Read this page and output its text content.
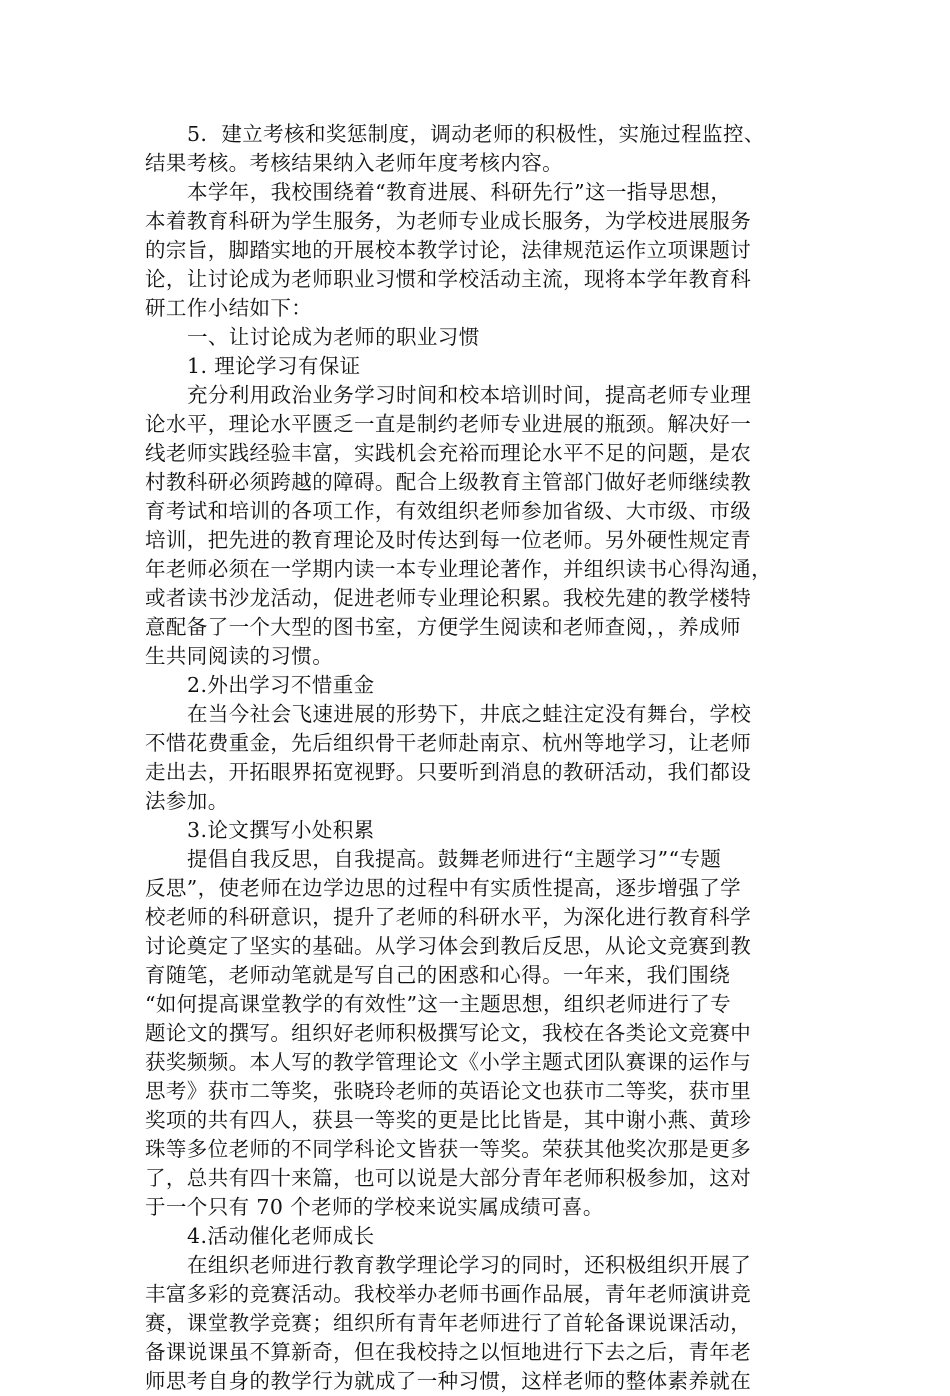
5．建立考核和奖惩制度，调动老师的积极性，实施过程监控、
结果考核。考核结果纳入老师年度考核内容。
本学年，我校围绕着“教育进展、科研先行”这一指导思想，
本着教育科研为学生服务，为老师专业成长服务，为学校进展服务
的宗旨，脚踏实地的开展校本教学讨论，法律规范运作立项课题讨
论，让讨论成为老师职业习惯和学校活动主流，现将本学年教育科
研工作小结如下：
一、让讨论成为老师的职业习惯
1. 理论学习有保证
充分利用政治业务学习时间和校本培训时间，提高老师专业理
论水平，理论水平匮乏一直是制约老师专业进展的瓶颈。解决好一
线老师实践经验丰富，实践机会充裕而理论水平不足的问题，是农
村教科研必须跨越的障碍。配合上级教育主管部门做好老师继续教
育考试和培训的各项工作，有效组织老师参加省级、大市级、市级
培训，把先进的教育理论及时传达到每一位老师。另外硬性规定青
年老师必须在一学期内读一本专业理论著作，并组织读书心得沟通，
或者读书沙龙活动，促进老师专业理论积累。我校先建的教学楼特
意配备了一个大型的图书室，方便学生阅读和老师查阅，，养成师
生共同阅读的习惯。
2.外出学习不惜重金
在当今社会飞速进展的形势下，井底之蛙注定没有舞台，学校
不惜花费重金，先后组织骨干老师赴南京、杭州等地学习，让老师
走出去，开拓眼界拓宽视野。只要听到消息的教研活动，我们都设
法参加。
3.论文撰写小处积累
提倡自我反思，自我提高。鼓舞老师进行“主题学习”“专题
反思”，使老师在边学边思的过程中有实质性提高，逐步增强了学
校老师的科研意识，提升了老师的科研水平，为深化进行教育科学
讨论奠定了坚实的基础。从学习体会到教后反思，从论文竞赛到教
育随笔，老师动笔就是写自己的困惑和心得。一年来，我们围绕
“如何提高课堂教学的有效性”这一主题思想，组织老师进行了专
题论文的撰写。组织好老师积极撰写论文，我校在各类论文竞赛中
获奖频频。本人写的教学管理论文《小学主题式团队赛课的运作与
思考》获市二等奖，张晓玲老师的英语论文也获市二等奖，获市里
奖项的共有四人，获县一等奖的更是比比皆是，其中谢小燕、黄珍
珠等多位老师的不同学科论文皆获一等奖。荣获其他奖次那是更多
了，总共有四十来篇，也可以说是大部分青年老师积极参加，这对
于一个只有 70 个老师的学校来说实属成绩可喜。
4.活动催化老师成长
在组织老师进行教育教学理论学习的同时，还积极组织开展了
丰富多彩的竞赛活动。我校举办老师书画作品展，青年老师演讲竞
赛，课堂教学竞赛；组织所有青年老师进行了首轮备课说课活动，
备课说课虽不算新奇，但在我校持之以恒地进行下去之后，青年老
师思考自身的教学行为就成了一种习惯，这样老师的整体素养就在
